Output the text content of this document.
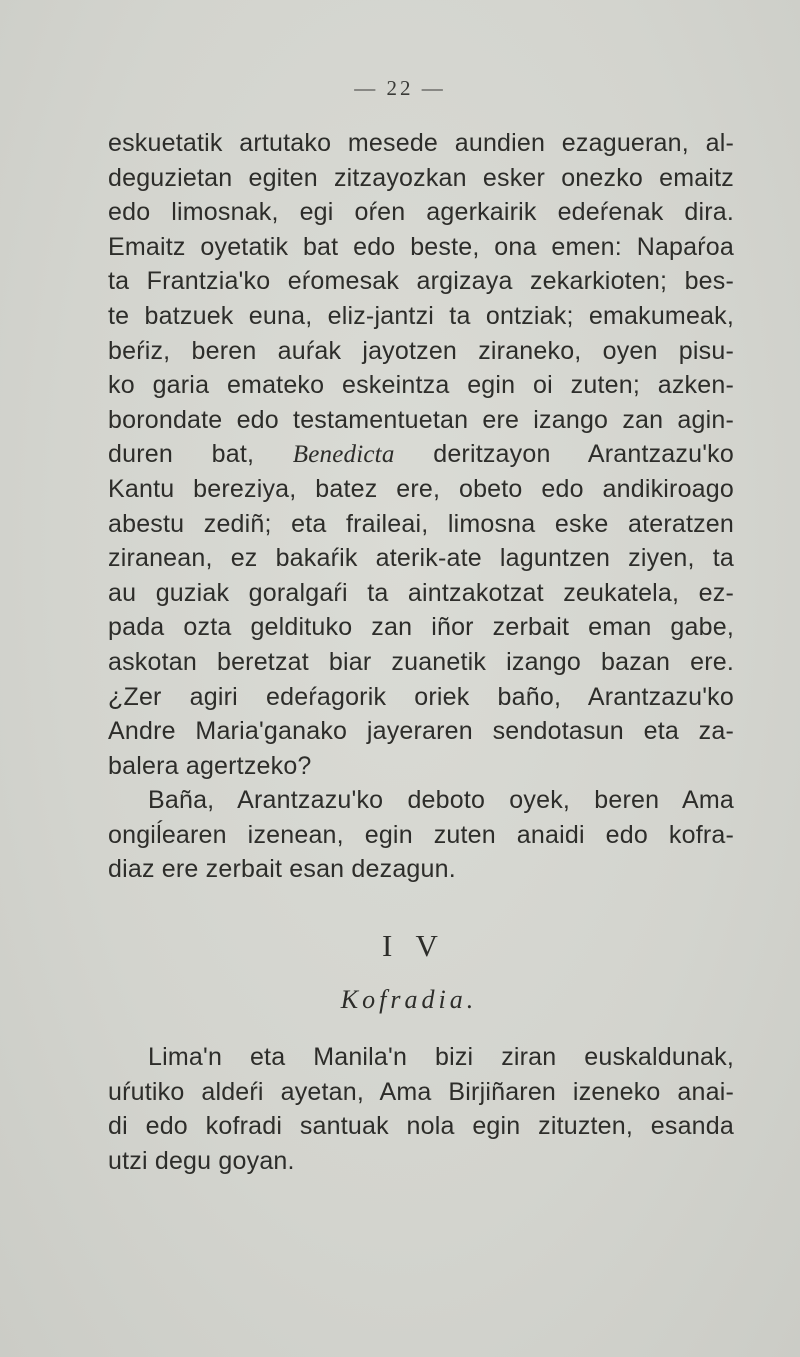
— 22 —
eskuetatik artutako mesede aundien ezagueran, al-
deguzietan egiten zitzayozkan esker onezko emaitz
edo limosnak, egi oŕen agerkairik edeŕenak dira.
Emaitz oyetatik bat edo beste, ona emen: Napaŕoa
ta Frantzia'ko eŕomesak argizaya zekarkioten; bes-
te batzuek euna, eliz-jantzi ta ontziak; emakumeak,
beŕiz, beren auŕak jayotzen ziraneko, oyen pisu-
ko garia emateko eskeintza egin oi zuten; azken-
borondate edo testamentuetan ere izango zan agin-
duren bat, Benedicta deritzayon Arantzazu'ko
Kantu bereziya, batez ere, obeto edo andikiroago
abestu zediñ; eta fraileai, limosna eske ateratzen
ziranean, ez bakaŕik aterik-ate laguntzen ziyen, ta
au guziak goralgaŕi ta aintzakotzat zeukatela, ez-
pada ozta geldituko zan iñor zerbait eman gabe,
askotan beretzat biar zuanetik izango bazan ere.
¿Zer agiri edeŕagorik oriek baño, Arantzazu'ko
Andre Maria'ganako jayeraren sendotasun eta za-
balera agertzeko?
Baña, Arantzazu'ko deboto oyek, beren Ama
ongiĺearen izenean, egin zuten anaidi edo kofra-
diaz ere zerbait esan dezagun.
I V
Kofradia.
Lima'n eta Manila'n bizi ziran euskaldunak,
uŕutiko aldeŕi ayetan, Ama Birjiñaren izeneko anai-
di edo kofradi santuak nola egin zituzten, esanda
utzi degu goyan.
